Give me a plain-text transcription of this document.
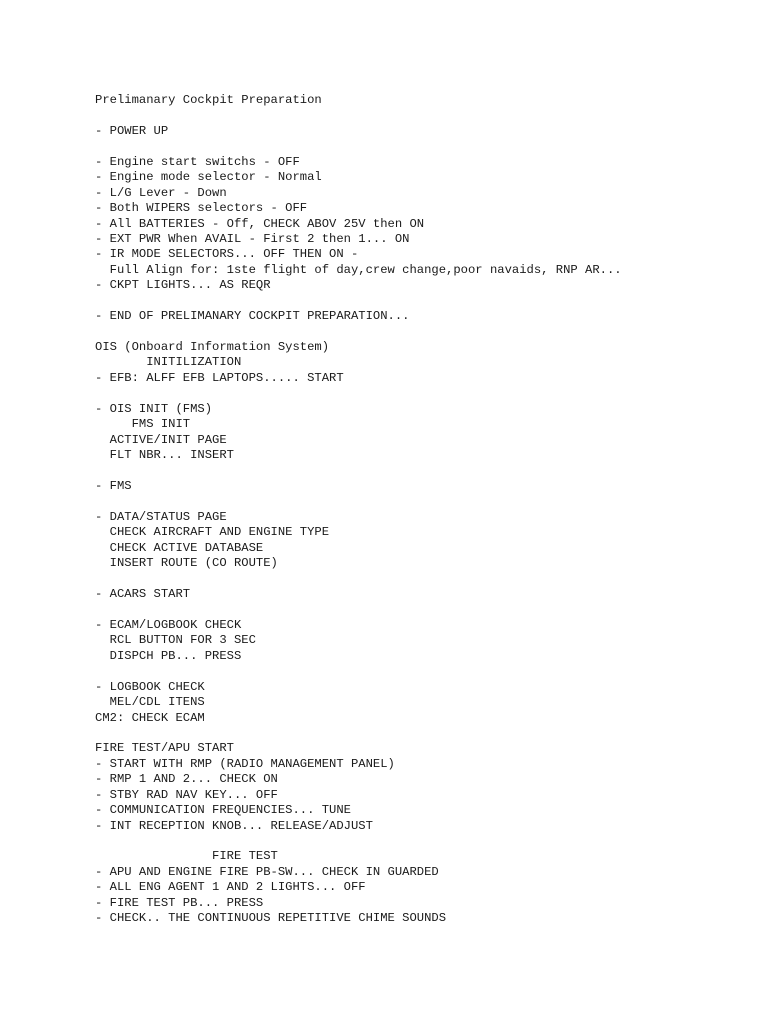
Prelimanary Cockpit Preparation
- POWER UP
- Engine start switchs - OFF
- Engine mode selector - Normal
- L/G Lever - Down
- Both WIPERS selectors - OFF
- All BATTERIES - Off, CHECK ABOV 25V then ON
- EXT PWR When AVAIL - First 2 then 1... ON
- IR MODE SELECTORS... OFF THEN ON -
Full Align for: 1ste flight of day,crew change,poor navaids, RNP AR...
- CKPT LIGHTS... AS REQR
- END OF PRELIMANARY COCKPIT PREPARATION...
OIS (Onboard Information System)
INITILIZATION
- EFB: ALFF EFB LAPTOPS..... START
- OIS INIT (FMS)
FMS INIT
ACTIVE/INIT PAGE
FLT NBR... INSERT
- FMS
- DATA/STATUS PAGE
CHECK AIRCRAFT AND ENGINE TYPE
CHECK ACTIVE DATABASE
INSERT ROUTE (CO ROUTE)
- ACARS START
- ECAM/LOGBOOK CHECK
RCL BUTTON FOR 3 SEC
DISPCH PB... PRESS
- LOGBOOK CHECK
MEL/CDL ITENS
CM2: CHECK ECAM
FIRE TEST/APU START
- START WITH RMP (RADIO MANAGEMENT PANEL)
- RMP 1 AND 2... CHECK ON
- STBY RAD NAV KEY... OFF
- COMMUNICATION FREQUENCIES... TUNE
- INT RECEPTION KNOB... RELEASE/ADJUST
FIRE TEST
- APU AND ENGINE FIRE PB-SW... CHECK IN GUARDED
- ALL ENG AGENT 1 AND 2 LIGHTS... OFF
- FIRE TEST PB... PRESS
- CHECK.. THE CONTINUOUS REPETITIVE CHIME SOUNDS
